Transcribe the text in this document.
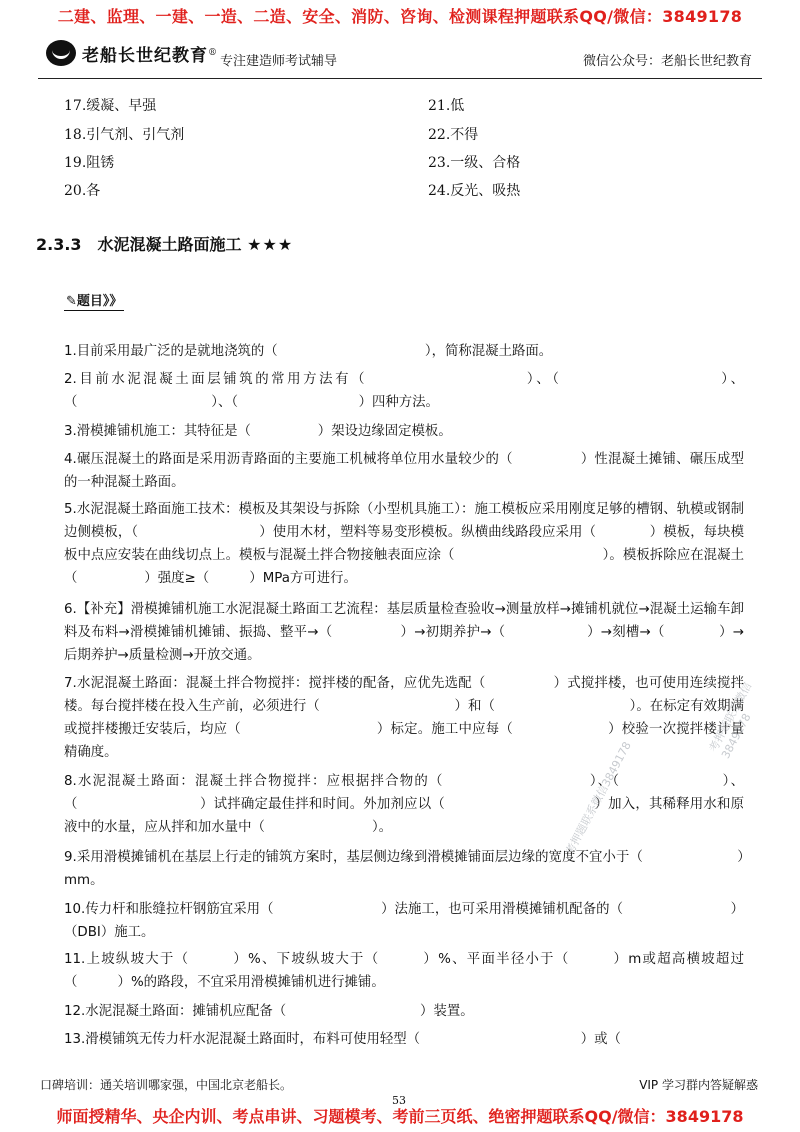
二建、监理、一建、一造、二造、安全、消防、咨询、检测课程押题联系QQ/微信：3849178
老船长世纪教育 ®
专注建造师考试辅导	微信公众号：老船长世纪教育
17.缓凝、早强
18.引气剂、引气剂
19.阻锈
20.各
21.低
22.不得
23.一级、合格
24.反光、吸热
2.3.3　水泥混凝土路面施工 ★★★
✎题目》》
1.目前采用最广泛的是就地浇筑的（　　　　　　　　　　　），简称混凝土路面。
2.目前水泥混凝土面层铺筑的常用方法有（　　　　　　　　　　）、（　　　　　　　　　　）、（　　　　　　　　　　）、（　　　　　　　　　）四种方法。
3.滑模摊铺机施工：其特征是（　　　　　）架设边缘固定模板。
4.碾压混凝土的路面是采用沥青路面的主要施工机械将单位用水量较少的（　　　　　）性混凝土摊铺、碾压成型的一种混凝土路面。
5.水泥混凝土路面施工技术：模板及其架设与拆除（小型机具施工）：施工模板应采用刚度足够的槽钢、轨模或钢制边侧模板，（　　　　　　　　　）使用木材，塑料等易变形模板。纵横曲线路段应采用（　　　　）模板，每块模板中点应安装在曲线切点上。模板与混凝土拌合物接触表面应涂（　　　　　　　　　　　）。模板拆除应在混凝土（　　　　　）强度≥（　　　）MPa方可进行。
6.【补充】滑模摊铺机施工水泥混凝土路面工艺流程：基层质量检查验收→测量放样→摊铺机就位→混凝土运输车卸料及布料→滑模摊铺机摊铺、振捣、整平→（　　　　　）→初期养护→（　　　　　　）→刻槽→（　　　　）→后期养护→质量检测→开放交通。
7.水泥混凝土路面：混凝土拌合物搅拌：搅拌楼的配备，应优先选配（　　　　　）式搅拌楼，也可使用连续搅拌楼。每台搅拌楼在投入生产前，必须进行（　　　　　　　　　　）和（　　　　　　　　　　）。在标定有效期满或搅拌楼搬迁安装后，均应（　　　　　　　　　　）标定。施工中应每（　　　　　　　）校验一次搅拌楼计量精确度。
8.水泥混凝土路面：混凝土拌合物搅拌：应根据拌合物的（　　　　　　　　　　）、（　　　　　　　）、（　　　　　　　　　）试拌确定最佳拌和时间。外加剂应以（　　　　　　　　　　　）加入，其稀释用水和原液中的水量，应从拌和加水量中（　　　　　　　　）。
9.采用滑模摊铺机在基层上行走的铺筑方案时，基层侧边缘到滑模摊铺面层边缘的宽度不宜小于（　　　　　　　）mm。
10.传力杆和胀缝拉杆钢筋宜采用（　　　　　　　　）法施工，也可采用滑模摊铺机配备的（　　　　　　　　）（DBI）施工。
11.上坡纵坡大于（　　　）%、下坡纵坡大于（　　　）%、平面半径小于（　　　）m或超高横坡超过（　　　）%的路段，不宜采用滑模摊铺机进行摊铺。
12.水泥混凝土路面：摊铺机应配备（　　　　　　　　　　）装置。
13.滑模铺筑无传力杆水泥混凝土路面时，布料可使用轻型（　　　　　　　　　　　　）或（
考押题联系微信3849178
考押题联系微信3849178
口碑培训：通关培训哪家强，中国北京老船长。	VIP 学习群内答疑解惑
53
师面授精华、央企内训、考点串讲、习题模考、考前三页纸、绝密押题联系QQ/微信：3849178
